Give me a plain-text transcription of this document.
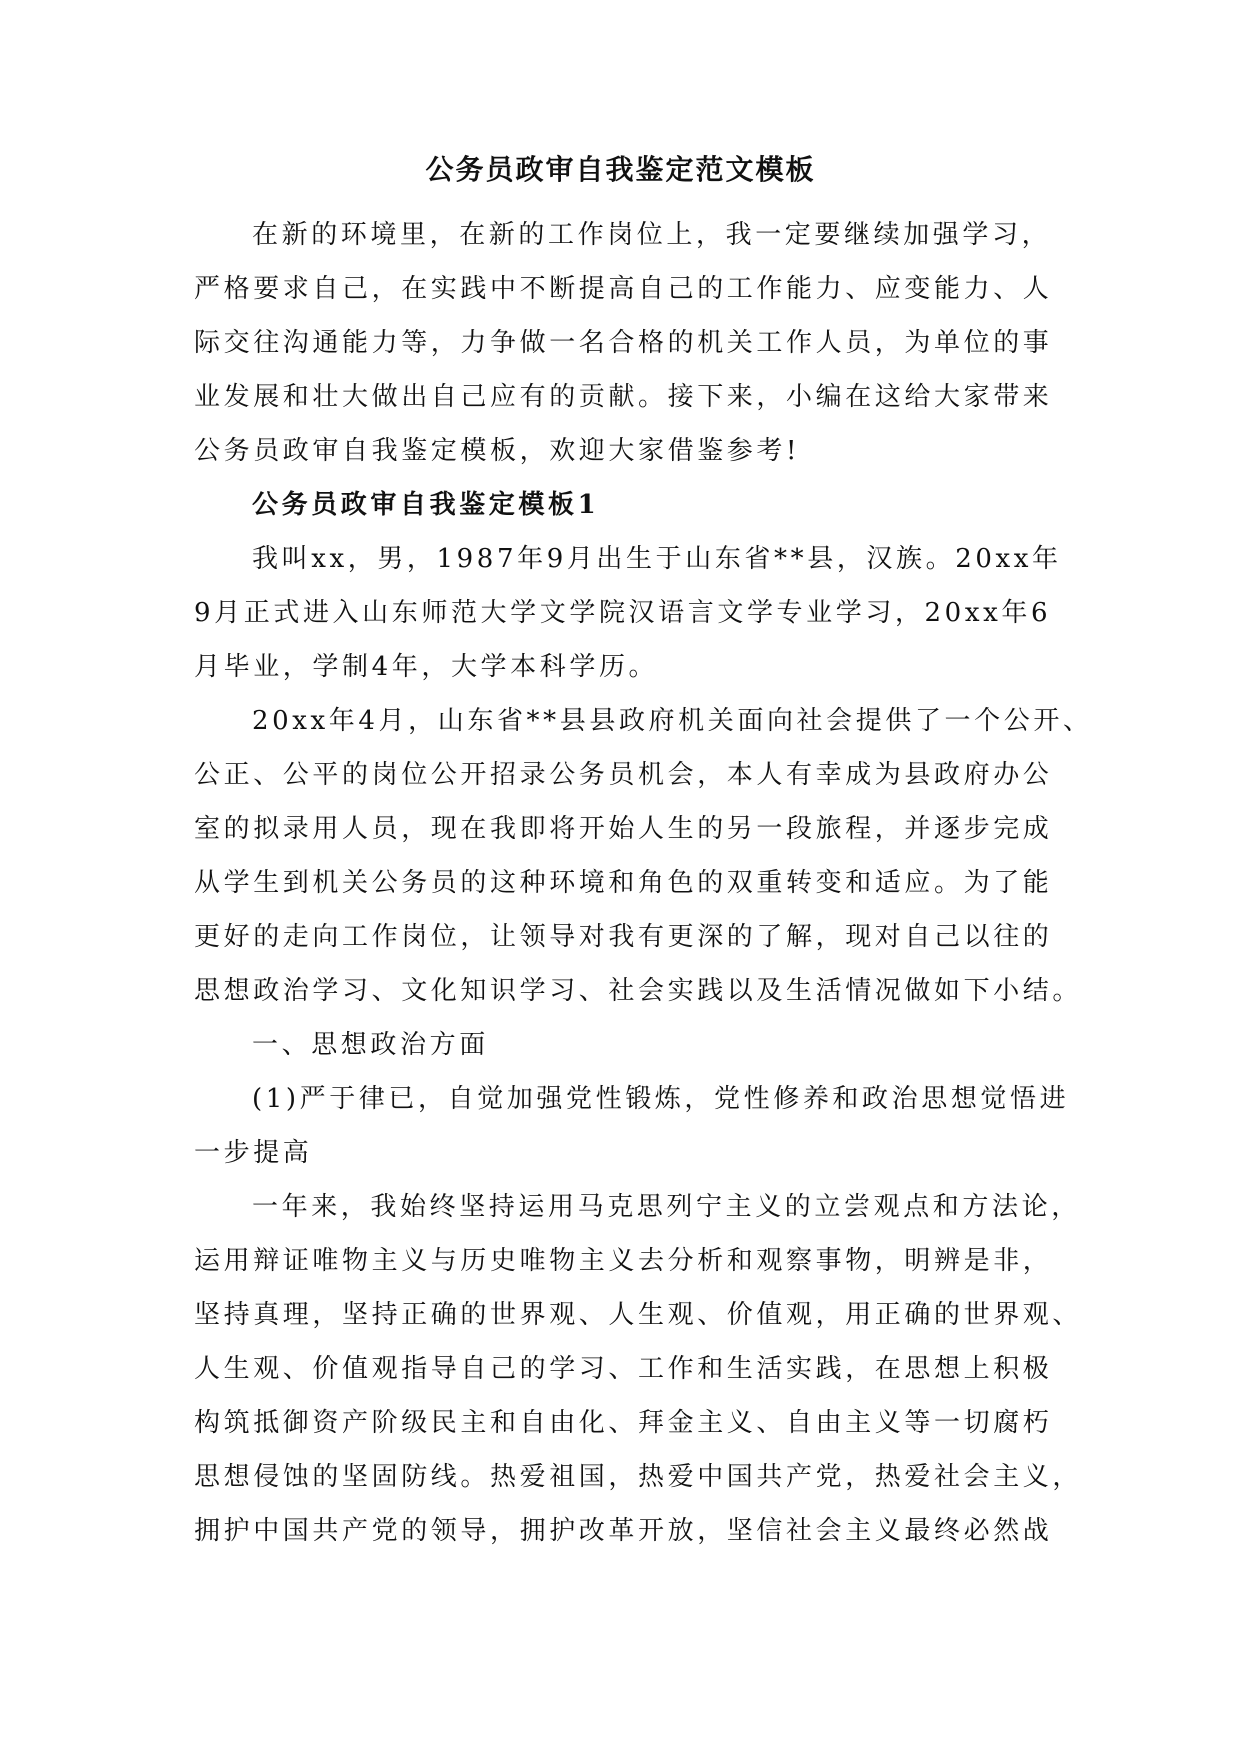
公务员政审自我鉴定范文模板
在新的环境里，在新的工作岗位上，我一定要继续加强学习，
严格要求自己，在实践中不断提高自己的工作能力、应变能力、人
际交往沟通能力等，力争做一名合格的机关工作人员，为单位的事
业发展和壮大做出自己应有的贡献。接下来，小编在这给大家带来
公务员政审自我鉴定模板，欢迎大家借鉴参考!
公务员政审自我鉴定模板1
我叫xx，男，1987年9月出生于山东省**县，汉族。20xx年
9月正式进入山东师范大学文学院汉语言文学专业学习，20xx年6
月毕业，学制4年，大学本科学历。
20xx年4月，山东省**县县政府机关面向社会提供了一个公开、
公正、公平的岗位公开招录公务员机会，本人有幸成为县政府办公
室的拟录用人员，现在我即将开始人生的另一段旅程，并逐步完成
从学生到机关公务员的这种环境和角色的双重转变和适应。为了能
更好的走向工作岗位，让领导对我有更深的了解，现对自己以往的
思想政治学习、文化知识学习、社会实践以及生活情况做如下小结。
一、思想政治方面
(1)严于律已，自觉加强党性锻炼，党性修养和政治思想觉悟进
一步提高
一年来，我始终坚持运用马克思列宁主义的立尝观点和方法论，
运用辩证唯物主义与历史唯物主义去分析和观察事物，明辨是非，
坚持真理，坚持正确的世界观、人生观、价值观，用正确的世界观、
人生观、价值观指导自己的学习、工作和生活实践，在思想上积极
构筑抵御资产阶级民主和自由化、拜金主义、自由主义等一切腐朽
思想侵蚀的坚固防线。热爱祖国，热爱中国共产党，热爱社会主义，
拥护中国共产党的领导，拥护改革开放，坚信社会主义最终必然战
